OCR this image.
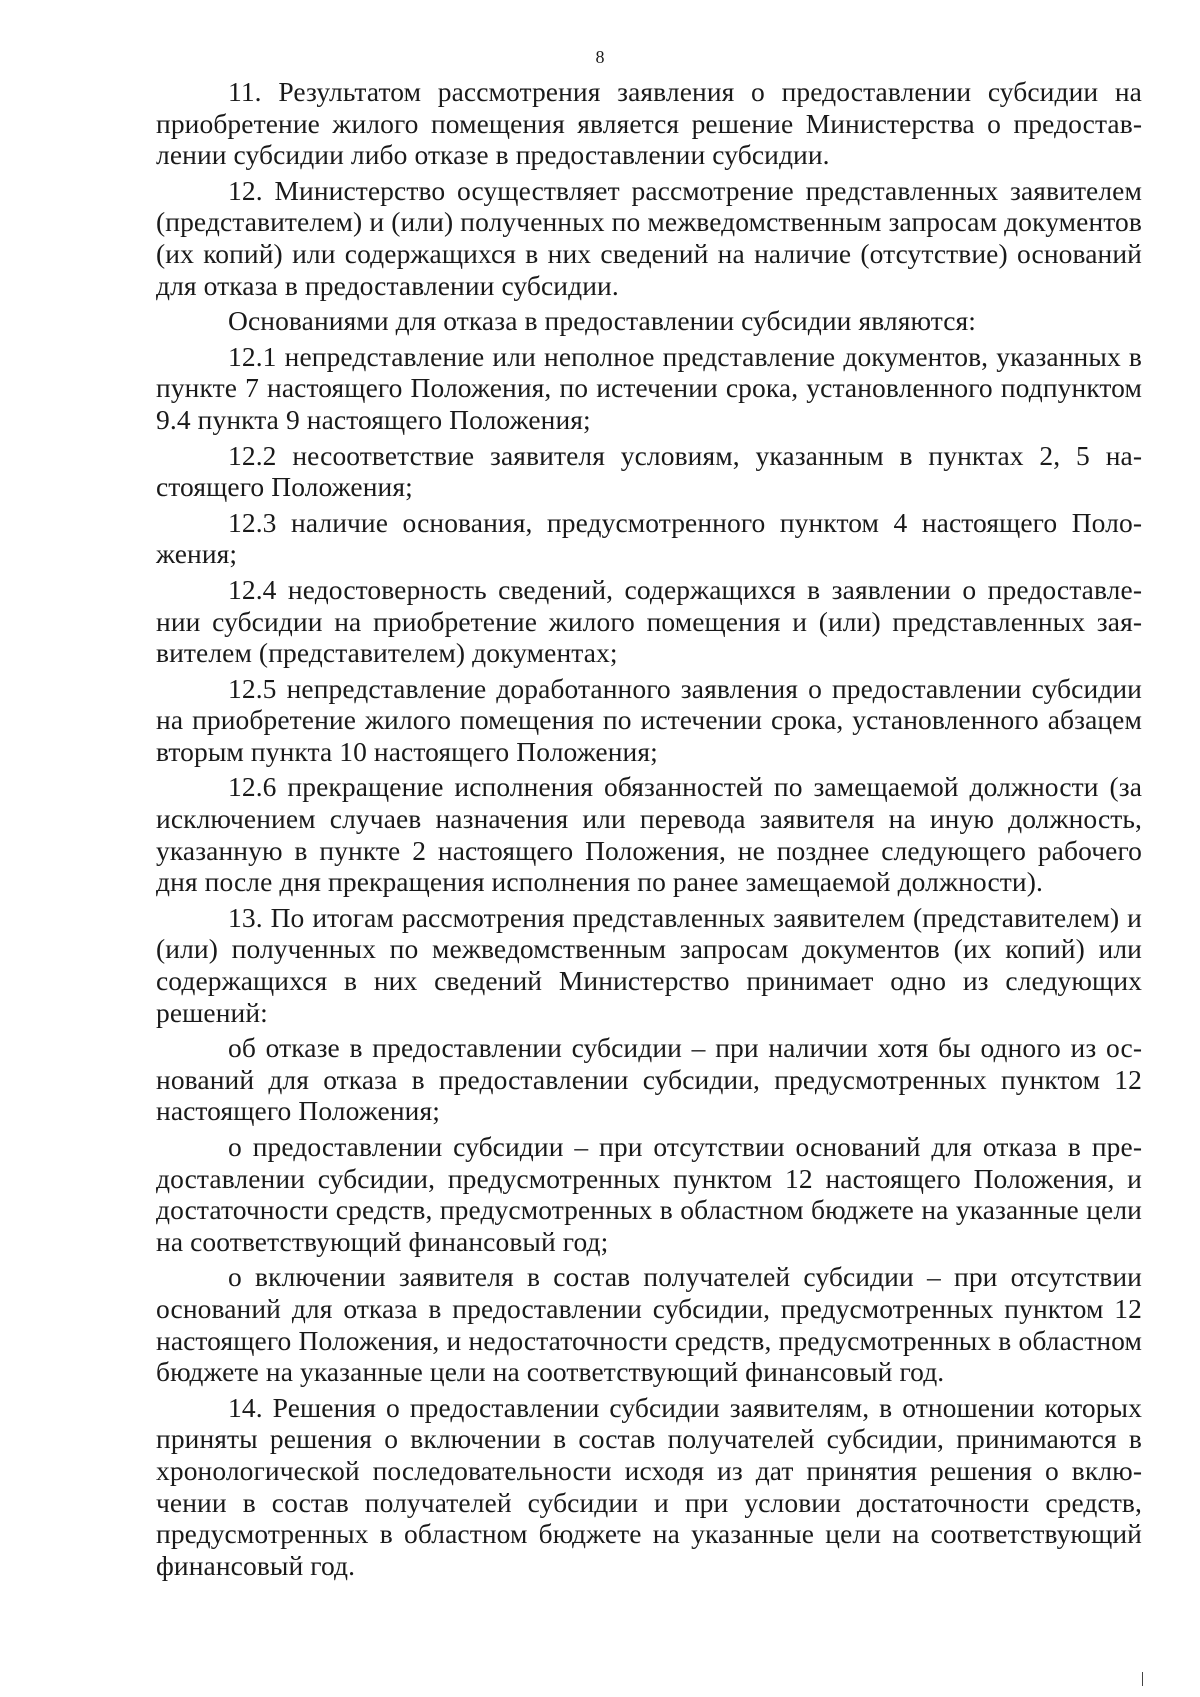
8

11. Результатом рассмотрения заявления о предоставлении субсидии на приобретение жилого помещения является решение Министерства о предоставлении субсидии либо отказе в предоставлении субсидии.

12. Министерство осуществляет рассмотрение представленных заявителем (представителем) и (или) полученных по межведомственным запросам документов (их копий) или содержащихся в них сведений на наличие (отсутствие) оснований для отказа в предоставлении субсидии.

Основаниями для отказа в предоставлении субсидии являются:

12.1 непредставление или неполное представление документов, указанных в пункте 7 настоящего Положения, по истечении срока, установленного подпунктом 9.4 пункта 9 настоящего Положения;

12.2 несоответствие заявителя условиям, указанным в пунктах 2, 5 настоящего Положения;

12.3 наличие основания, предусмотренного пунктом 4 настоящего Положения;

12.4 недостоверность сведений, содержащихся в заявлении о предоставлении субсидии на приобретение жилого помещения и (или) представленных заявителем (представителем) документах;

12.5 непредставление доработанного заявления о предоставлении субсидии на приобретение жилого помещения по истечении срока, установленного абзацем вторым пункта 10 настоящего Положения;

12.6 прекращение исполнения обязанностей по замещаемой должности (за исключением случаев назначения или перевода заявителя на иную должность, указанную в пункте 2 настоящего Положения, не позднее следующего рабочего дня после дня прекращения исполнения по ранее замещаемой должности).

13. По итогам рассмотрения представленных заявителем (представителем) и (или) полученных по межведомственным запросам документов (их копий) или содержащихся в них сведений Министерство принимает одно из следующих решений:

об отказе в предоставлении субсидии – при наличии хотя бы одного из оснований для отказа в предоставлении субсидии, предусмотренных пунктом 12 настоящего Положения;

о предоставлении субсидии – при отсутствии оснований для отказа в предоставлении субсидии, предусмотренных пунктом 12 настоящего Положения, и достаточности средств, предусмотренных в областном бюджете на указанные цели на соответствующий финансовый год;

о включении заявителя в состав получателей субсидии – при отсутствии оснований для отказа в предоставлении субсидии, предусмотренных пунктом 12 настоящего Положения, и недостаточности средств, предусмотренных в областном бюджете на указанные цели на соответствующий финансовый год.

14. Решения о предоставлении субсидии заявителям, в отношении которых приняты решения о включении в состав получателей субсидии, принимаются в хронологической последовательности исходя из дат принятия решения о включении в состав получателей субсидии и при условии достаточности средств, предусмотренных в областном бюджете на указанные цели на соответствующий финансовый год.
